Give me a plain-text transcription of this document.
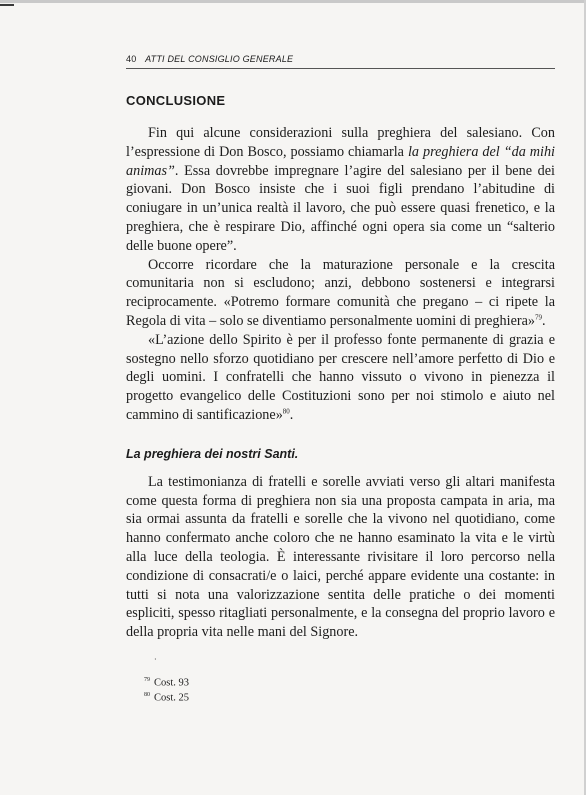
40 ATTI DEL CONSIGLIO GENERALE
CONCLUSIONE

Fin qui alcune considerazioni sulla preghiera del salesiano. Con l’espressione di Don Bosco, possiamo chiamarla la preghiera del “da mihi animas”. Essa dovrebbe impregnare l’agire del salesiano per il bene dei giovani. Don Bosco insiste che i suoi figli prendano l’abitudine di coniugare in un’unica realtà il lavoro, che può essere quasi frenetico, e la preghiera, che è respirare Dio, affinché ogni opera sia come un “salterio delle buone opere”.

Occorre ricordare che la maturazione personale e la crescita comunitaria non si escludono; anzi, debbono sostenersi e integrarsi reciprocamente. «Potremo formare comunità che pregano – ci ripete la Regola di vita – solo se diventiamo personalmente uomini di preghiera»$^{79}$.

«L’azione dello Spirito è per il professo fonte permanente di grazia e sostegno nello sforzo quotidiano per crescere nell’amore perfetto di Dio e degli uomini. I confratelli che hanno vissuto o vivono in pienezza il progetto evangelico delle Costituzioni sono per noi stimolo e aiuto nel cammino di santificazione»$^{80}$.

La preghiera dei nostri Santi.

La testimonianza di fratelli e sorelle avviati verso gli altari manifesta come questa forma di preghiera non sia una proposta campata in aria, ma sia ormai assunta da fratelli e sorelle che la vivono nel quotidiano, come hanno confermato anche coloro che ne hanno esaminato la vita e le virtù alla luce della teologia. È interessante rivisitare il loro percorso nella condizione di consacrati/e o laici, perché appare evidente una costante: in tutti si nota una valorizzazione sentita delle pratiche o dei momenti espliciti, spesso ritagliati personalmente, e la consegna del proprio lavoro e della propria vita nelle mani del Signore.

·
$^{79}$ Cost. 93
$^{80}$ Cost. 25
